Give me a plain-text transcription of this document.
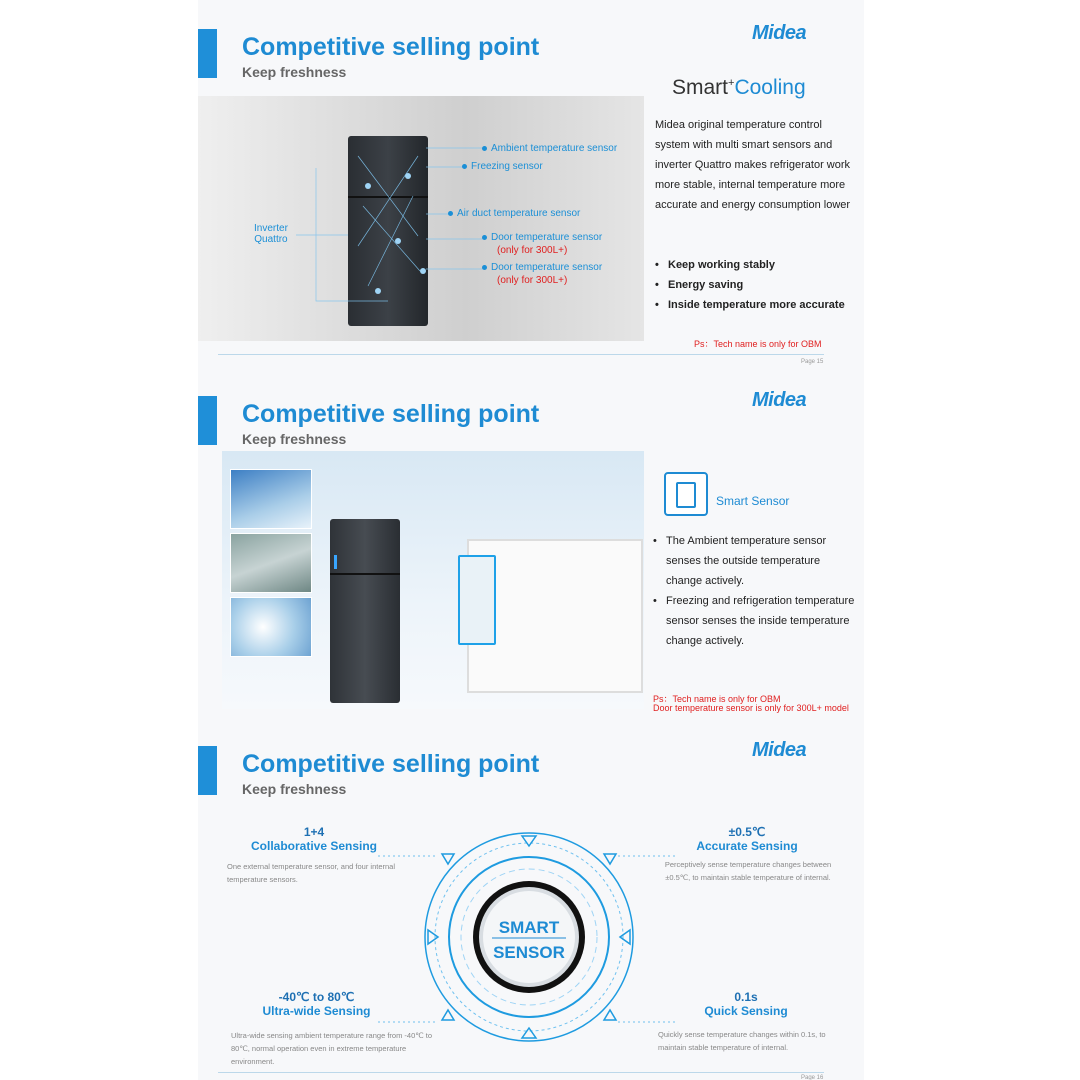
Competitive selling point
Keep freshness
Midea
Ambient temperature sensor
Freezing sensor
Air duct temperature sensor
Door temperature sensor
(only for 300L+)
Door temperature sensor
(only for 300L+)
Inverter
Quattro
Smart+Cooling
Midea original temperature control system with multi smart sensors and inverter Quattro makes refrigerator work more stable, internal temperature more accurate and energy consumption lower
• Keep working stably
• Energy saving
• Inside temperature more accurate
Ps：Tech name is only for OBM
Page 15
Competitive selling point
Keep freshness
Midea
Smart Sensor
• The Ambient temperature sensor senses the outside temperature change actively.
• Freezing and refrigeration temperature sensor senses the inside temperature change actively.
Ps：Tech name is only for OBM
Door temperature sensor is only for 300L+ model
Competitive selling point
Keep freshness
Midea
SMART
SENSOR
1+4
Collaborative Sensing
One external temperature sensor, and four internal temperature sensors.
±0.5℃
Accurate Sensing
Perceptively sense temperature changes between ±0.5℃, to maintain stable temperature of internal.
-40℃ to 80℃
Ultra-wide Sensing
Ultra-wide sensing ambient temperature range from -40℃ to 80℃, normal operation even in extreme temperature environment.
0.1s
Quick Sensing
Quickly sense temperature changes within 0.1s, to maintain stable temperature of internal.
Page 16
